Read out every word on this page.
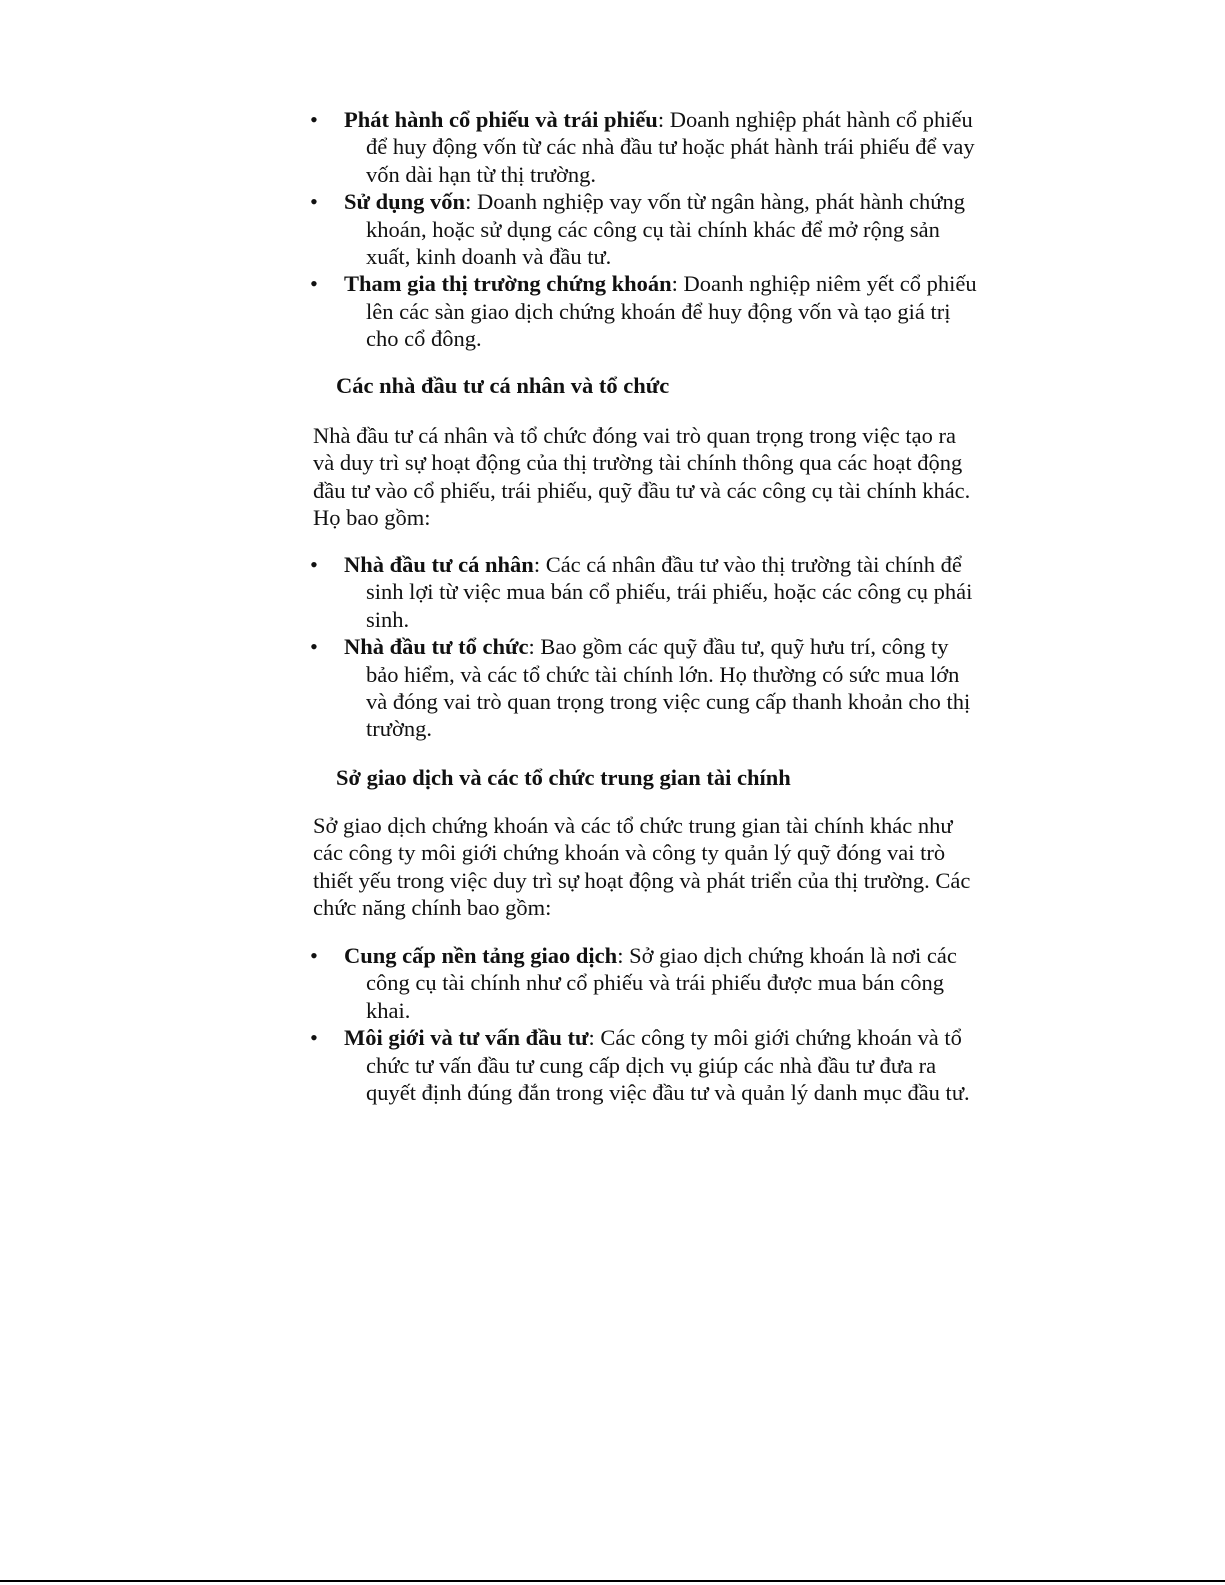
• Phát hành cổ phiếu và trái phiếu: Doanh nghiệp phát hành cổ phiếu để huy động vốn từ các nhà đầu tư hoặc phát hành trái phiếu để vay vốn dài hạn từ thị trường.
• Sử dụng vốn: Doanh nghiệp vay vốn từ ngân hàng, phát hành chứng khoán, hoặc sử dụng các công cụ tài chính khác để mở rộng sản xuất, kinh doanh và đầu tư.
• Tham gia thị trường chứng khoán: Doanh nghiệp niêm yết cổ phiếu lên các sàn giao dịch chứng khoán để huy động vốn và tạo giá trị cho cổ đông.
Các nhà đầu tư cá nhân và tổ chức

Nhà đầu tư cá nhân và tổ chức đóng vai trò quan trọng trong việc tạo ra và duy trì sự hoạt động của thị trường tài chính thông qua các hoạt động đầu tư vào cổ phiếu, trái phiếu, quỹ đầu tư và các công cụ tài chính khác. Họ bao gồm:

• Nhà đầu tư cá nhân: Các cá nhân đầu tư vào thị trường tài chính để sinh lợi từ việc mua bán cổ phiếu, trái phiếu, hoặc các công cụ phái sinh.
• Nhà đầu tư tổ chức: Bao gồm các quỹ đầu tư, quỹ hưu trí, công ty bảo hiểm, và các tổ chức tài chính lớn. Họ thường có sức mua lớn và đóng vai trò quan trọng trong việc cung cấp thanh khoản cho thị trường.
Sở giao dịch và các tổ chức trung gian tài chính

Sở giao dịch chứng khoán và các tổ chức trung gian tài chính khác như các công ty môi giới chứng khoán và công ty quản lý quỹ đóng vai trò thiết yếu trong việc duy trì sự hoạt động và phát triển của thị trường. Các chức năng chính bao gồm:

• Cung cấp nền tảng giao dịch: Sở giao dịch chứng khoán là nơi các công cụ tài chính như cổ phiếu và trái phiếu được mua bán công khai.
• Môi giới và tư vấn đầu tư: Các công ty môi giới chứng khoán và tổ chức tư vấn đầu tư cung cấp dịch vụ giúp các nhà đầu tư đưa ra quyết định đúng đắn trong việc đầu tư và quản lý danh mục đầu tư.
